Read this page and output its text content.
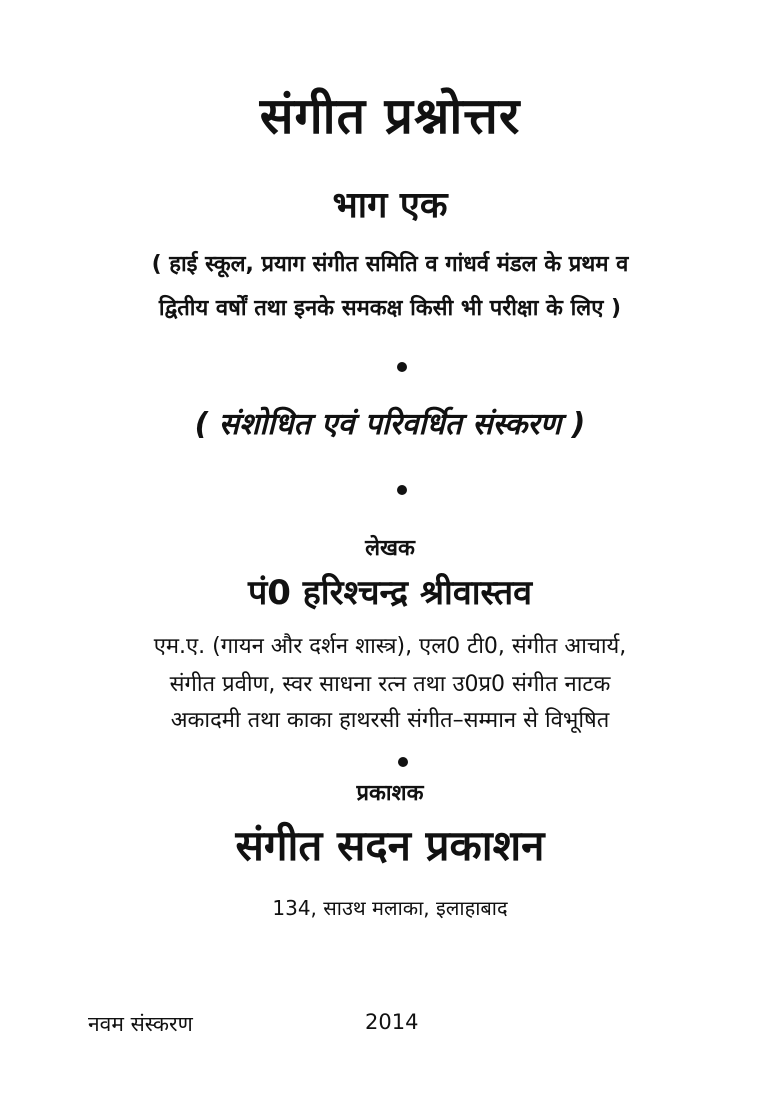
संगीत प्रश्नोत्तर
भाग एक
( हाई स्कूल, प्रयाग संगीत समिति व गांधर्व मंडल के प्रथम व
द्वितीय वर्षों तथा इनके समकक्ष किसी भी परीक्षा के लिए )
( संशोधित एवं परिवर्धित संस्करण )
लेखक
पं0 हरिश्चन्द्र श्रीवास्तव
एम.ए. (गायन और दर्शन शास्त्र), एल0 टी0, संगीत आचार्य,
संगीत प्रवीण, स्वर साधना रत्न तथा उ0प्र0 संगीत नाटक
अकादमी तथा काका हाथरसी संगीत–सम्मान से विभूषित
प्रकाशक
संगीत सदन प्रकाशन
134, साउथ मलाका, इलाहाबाद
नवम संस्करण	2014
